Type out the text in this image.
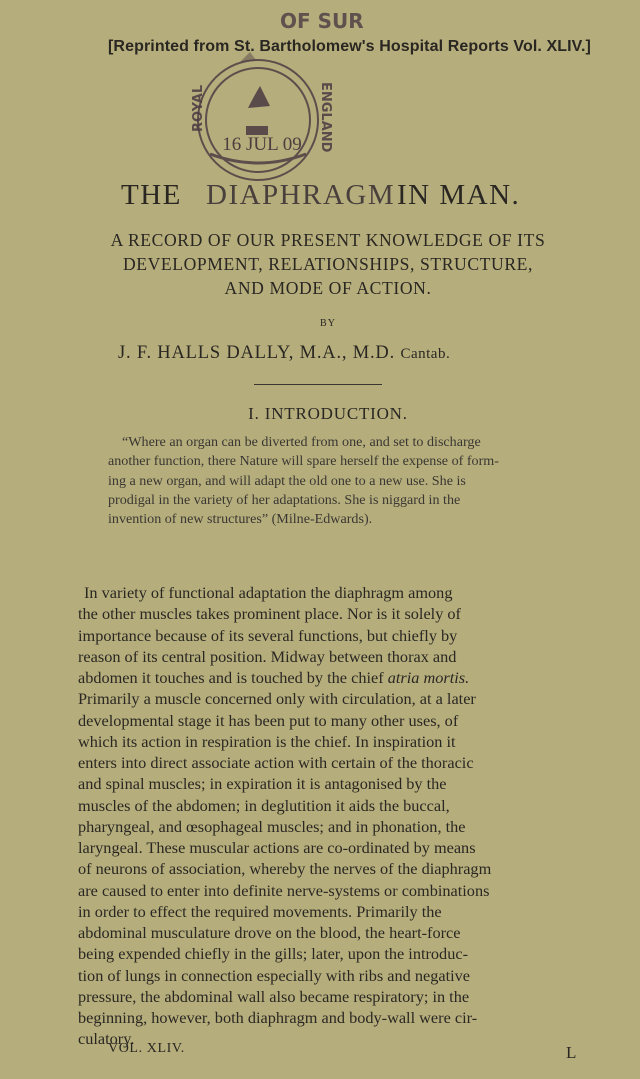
[Reprinted from St. Bartholomew's Hospital Reports Vol. XLIV.]
OF SUR
ROYAL	ENGLAND
16 JUL 09
THE DIAPHRAGM IN MAN.
A RECORD OF OUR PRESENT KNOWLEDGE OF ITS
DEVELOPMENT, RELATIONSHIPS, STRUCTURE,
AND MODE OF ACTION.
BY
J. F. HALLS DALLY, M.A., M.D. Cantab.
I. INTRODUCTION.
“Where an organ can be diverted from one, and set to discharge
another function, there Nature will spare herself the expense of form-
ing a new organ, and will adapt the old one to a new use. She is
prodigal in the variety of her adaptations. She is niggard in the
invention of new structures” (Milne-Edwards).
In variety of functional adaptation the diaphragm among
the other muscles takes prominent place. Nor is it solely of
importance because of its several functions, but chiefly by
reason of its central position. Midway between thorax and
abdomen it touches and is touched by the chief atria mortis.
Primarily a muscle concerned only with circulation, at a later
developmental stage it has been put to many other uses, of
which its action in respiration is the chief. In inspiration it
enters into direct associate action with certain of the thoracic
and spinal muscles; in expiration it is antagonised by the
muscles of the abdomen; in deglutition it aids the buccal,
pharyngeal, and œsophageal muscles; and in phonation, the
laryngeal. These muscular actions are co-ordinated by means
of neurons of association, whereby the nerves of the diaphragm
are caused to enter into definite nerve-systems or combinations
in order to effect the required movements. Primarily the
abdominal musculature drove on the blood, the heart-force
being expended chiefly in the gills; later, upon the introduc-
tion of lungs in connection especially with ribs and negative
pressure, the abdominal wall also became respiratory; in the
beginning, however, both diaphragm and body-wall were cir-
culatory.
VOL. XLIV.	L
